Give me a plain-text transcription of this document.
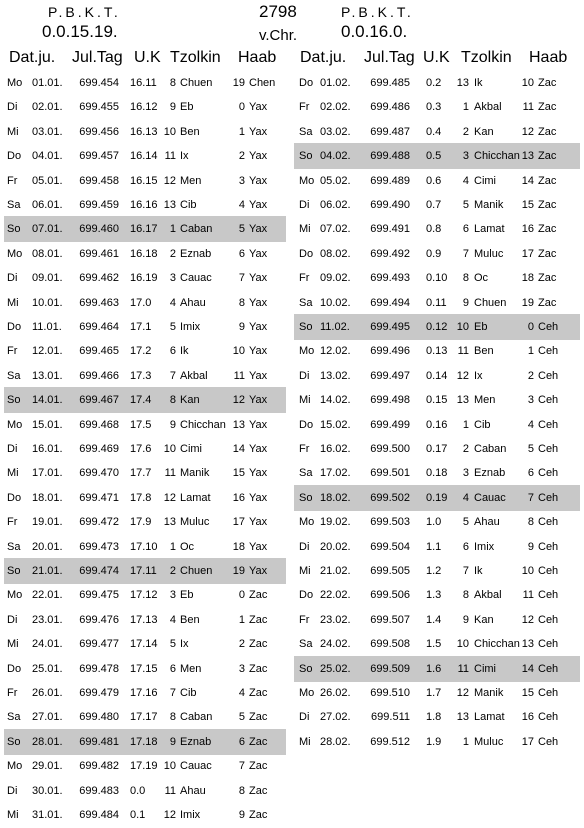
P.B.K.T.
0.0.15.19.
2798
v.Chr.
P.B.K.T.
0.0.16.0.
Dat.ju. Jul.Tag U.K Tzolkin Haab Dat.ju. Jul.Tag U.K Tzolkin Haab
Mo 01.01. 699.454 16.11 8 Chuen 19 Chen
Di 02.01. 699.455 16.12 9 Eb	0 Yax
Mi 03.01. 699.456 16.13 10 Ben	1 Yax
Do 04.01. 699.457 16.14 11 Ix	2 Yax
Fr 05.01. 699.458 16.15 12 Men	3 Yax
Sa 06.01. 699.459 16.16 13 Cib	4 Yax
So 07.01. 699.460 16.17 1 Caban 5 Yax
Mo 08.01. 699.461 16.18 2 Eznab	6 Yax
Di 09.01. 699.462 16.19 3 Cauac 7 Yax
Mi 10.01. 699.463 17.0 4 Ahau	8 Yax
Do 11.01. 699.464 17.1 5 Imix	9 Yax
Fr 12.01. 699.465 17.2 6 Ik	10 Yax
Sa 13.01. 699.466 17.3 7 Akbal 11 Yax
So 14.01. 699.467 17.4 8 Kan	12 Yax
Mo 15.01. 699.468 17.5 9 Chicchan 13 Yax
Di 16.01. 699.469 17.6 10 Cimi	14 Yax
Mi 17.01. 699.470 17.7 11 Manik 15 Yax
Do 18.01. 699.471 17.8 12 Lamat 16 Yax
Fr 19.01. 699.472 17.9 13 Muluc 17 Yax
Sa 20.01. 699.473 17.10 1 Oc	18 Yax
So 21.01. 699.474 17.11 2 Chuen 19 Yax
Mo 22.01. 699.475 17.12 3 Eb	0 Zac
Di 23.01. 699.476 17.13 4 Ben	1 Zac
Mi 24.01. 699.477 17.14 5 Ix	2 Zac
Do 25.01. 699.478 17.15 6 Men	3 Zac
Fr 26.01. 699.479 17.16 7 Cib	4 Zac
Sa 27.01. 699.480 17.17 8 Caban 5 Zac
So 28.01. 699.481 17.18 9 Eznab	6 Zac
Mo 29.01. 699.482 17.19 10 Cauac 7 Zac
Di 30.01. 699.483 0.0 11 Ahau	8 Zac
Mi 31.01. 699.484 0.1 12 Imix	9 Zac
Do 01.02. 699.485 0.2 13 Ik	10 Zac
Fr 02.02. 699.486 0.3 1 Akbal 11 Zac
Sa 03.02. 699.487 0.4 2 Kan	12 Zac
So 04.02. 699.488 0.5 3 Chicchan 13 Zac
Mo 05.02. 699.489 0.6 4 Cimi 14 Zac
Di 06.02. 699.490 0.7 5 Manik 15 Zac
Mi 07.02. 699.491 0.8 6 Lamat 16 Zac
Do 08.02. 699.492 0.9 7 Muluc 17 Zac
Fr 09.02. 699.493 0.10 8 Oc	18 Zac
Sa 10.02. 699.494 0.11 9 Chuen 19 Zac
So 11.02. 699.495 0.12 10 Eb	0 Ceh
Mo 12.02. 699.496 0.13 11 Ben	1 Ceh
Di 13.02. 699.497 0.14 12 Ix	2 Ceh
Mi 14.02. 699.498 0.15 13 Men	3 Ceh
Do 15.02. 699.499 0.16 1 Cib	4 Ceh
Fr 16.02. 699.500 0.17 2 Caban 5 Ceh
Sa 17.02. 699.501 0.18 3 Eznab 6 Ceh
So 18.02. 699.502 0.19 4 Cauac 7 Ceh
Mo 19.02. 699.503 1.0 5 Ahau	8 Ceh
Di 20.02. 699.504 1.1 6 Imix	9 Ceh
Mi 21.02. 699.505 1.2 7 Ik	10 Ceh
Do 22.02. 699.506 1.3 8 Akbal 11 Ceh
Fr 23.02. 699.507 1.4 9 Kan	12 Ceh
Sa 24.02. 699.508 1.5 10 Chicchan 13 Ceh
So 25.02. 699.509 1.6 11 Cimi 14 Ceh
Mo 26.02. 699.510 1.7 12 Manik 15 Ceh
Di 27.02. 699.511 1.8 13 Lamat 16 Ceh
Mi 28.02. 699.512 1.9 1 Muluc 17 Ceh
